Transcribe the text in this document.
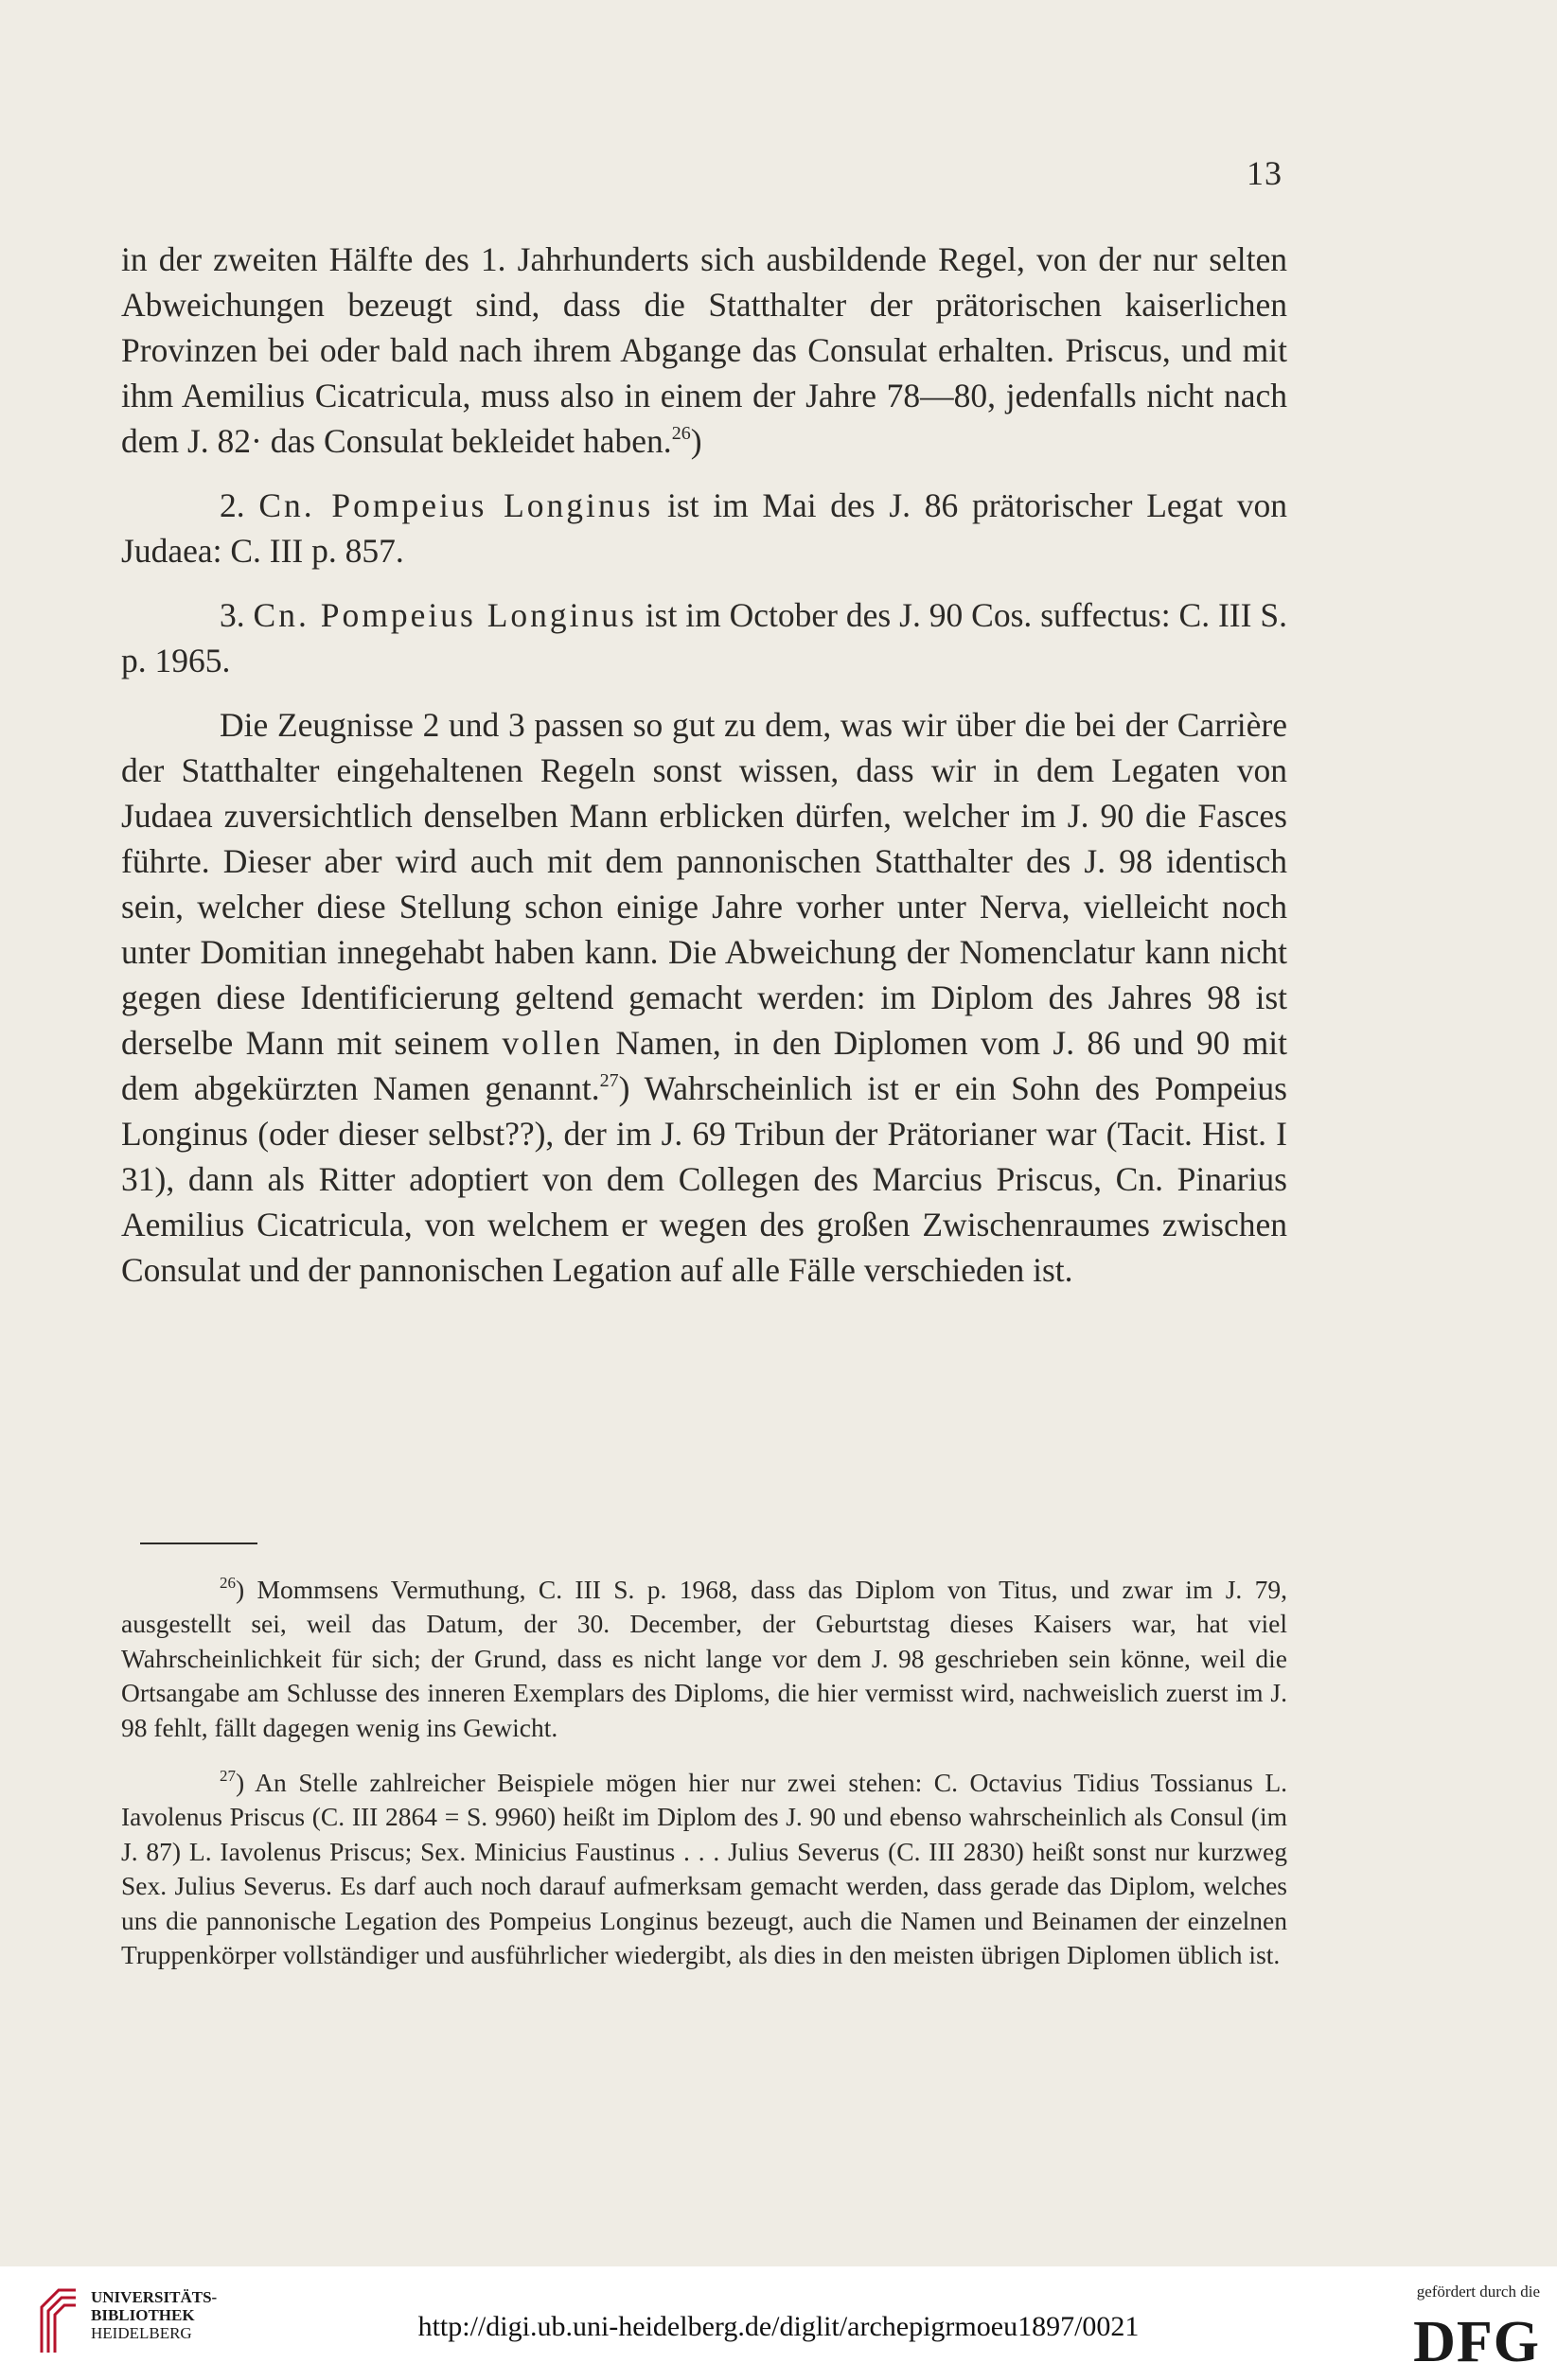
13

in der zweiten Hälfte des 1. Jahrhunderts sich ausbildende Regel, von der nur selten Abweichungen bezeugt sind, dass die Statthalter der prätorischen kaiserlichen Provinzen bei oder bald nach ihrem Abgange das Consulat erhalten. Priscus, und mit ihm Aemilius Cicatricula, muss also in einem der Jahre 78—80, jedenfalls nicht nach dem J. 82· das Consulat bekleidet haben.$^{26}$)

2. Cn. Pompeius Longinus ist im Mai des J. 86 prätorischer Legat von Judaea: C. III p. 857.

3. Cn. Pompeius Longinus ist im October des J. 90 Cos. suffectus: C. III S. p. 1965.

Die Zeugnisse 2 und 3 passen so gut zu dem, was wir über die bei der Carrière der Statthalter eingehaltenen Regeln sonst wissen, dass wir in dem Legaten von Judaea zuversichtlich denselben Mann erblicken dürfen, welcher im J. 90 die Fasces führte. Dieser aber wird auch mit dem pannonischen Statthalter des J. 98 identisch sein, welcher diese Stellung schon einige Jahre vorher unter Nerva, vielleicht noch unter Domitian innegehabt haben kann. Die Abweichung der Nomenclatur kann nicht gegen diese Identificierung geltend gemacht werden: im Diplom des Jahres 98 ist derselbe Mann mit seinem vollen Namen, in den Diplomen vom J. 86 und 90 mit dem abgekürzten Namen genannt.$^{27}$) Wahrscheinlich ist er ein Sohn des Pompeius Longinus (oder dieser selbst??), der im J. 69 Tribun der Prätorianer war (Tacit. Hist. I 31), dann als Ritter adoptiert von dem Collegen des Marcius Priscus, Cn. Pinarius Aemilius Cicatricula, von welchem er wegen des großen Zwischenraumes zwischen Consulat und der pannonischen Legation auf alle Fälle verschieden ist.

$^{26}$) Mommsens Vermuthung, C. III S. p. 1968, dass das Diplom von Titus, und zwar im J. 79, ausgestellt sei, weil das Datum, der 30. December, der Geburtstag dieses Kaisers war, hat viel Wahrscheinlichkeit für sich; der Grund, dass es nicht lange vor dem J. 98 geschrieben sein könne, weil die Ortsangabe am Schlusse des inneren Exemplars des Diploms, die hier vermisst wird, nachweislich zuerst im J. 98 fehlt, fällt dagegen wenig ins Gewicht.

$^{27}$) An Stelle zahlreicher Beispiele mögen hier nur zwei stehen: C. Octavius Tidius Tossianus L. Iavolenus Priscus (C. III 2864 = S. 9960) heißt im Diplom des J. 90 und ebenso wahrscheinlich als Consul (im J. 87) L. Iavolenus Priscus; Sex. Minicius Faustinus . . . Julius Severus (C. III 2830) heißt sonst nur kurzweg Sex. Julius Severus. Es darf auch noch darauf aufmerksam gemacht werden, dass gerade das Diplom, welches uns die pannonische Legation des Pompeius Longinus bezeugt, auch die Namen und Beinamen der einzelnen Truppenkörper vollständiger und ausführlicher wiedergibt, als dies in den meisten übrigen Diplomen üblich ist.

UNIVERSITÄTS-
BIBLIOTHEK
HEIDELBERG	http://digi.ub.uni-heidelberg.de/diglit/archepigrmoeu1897/0021
gefördert durch die
DFG
